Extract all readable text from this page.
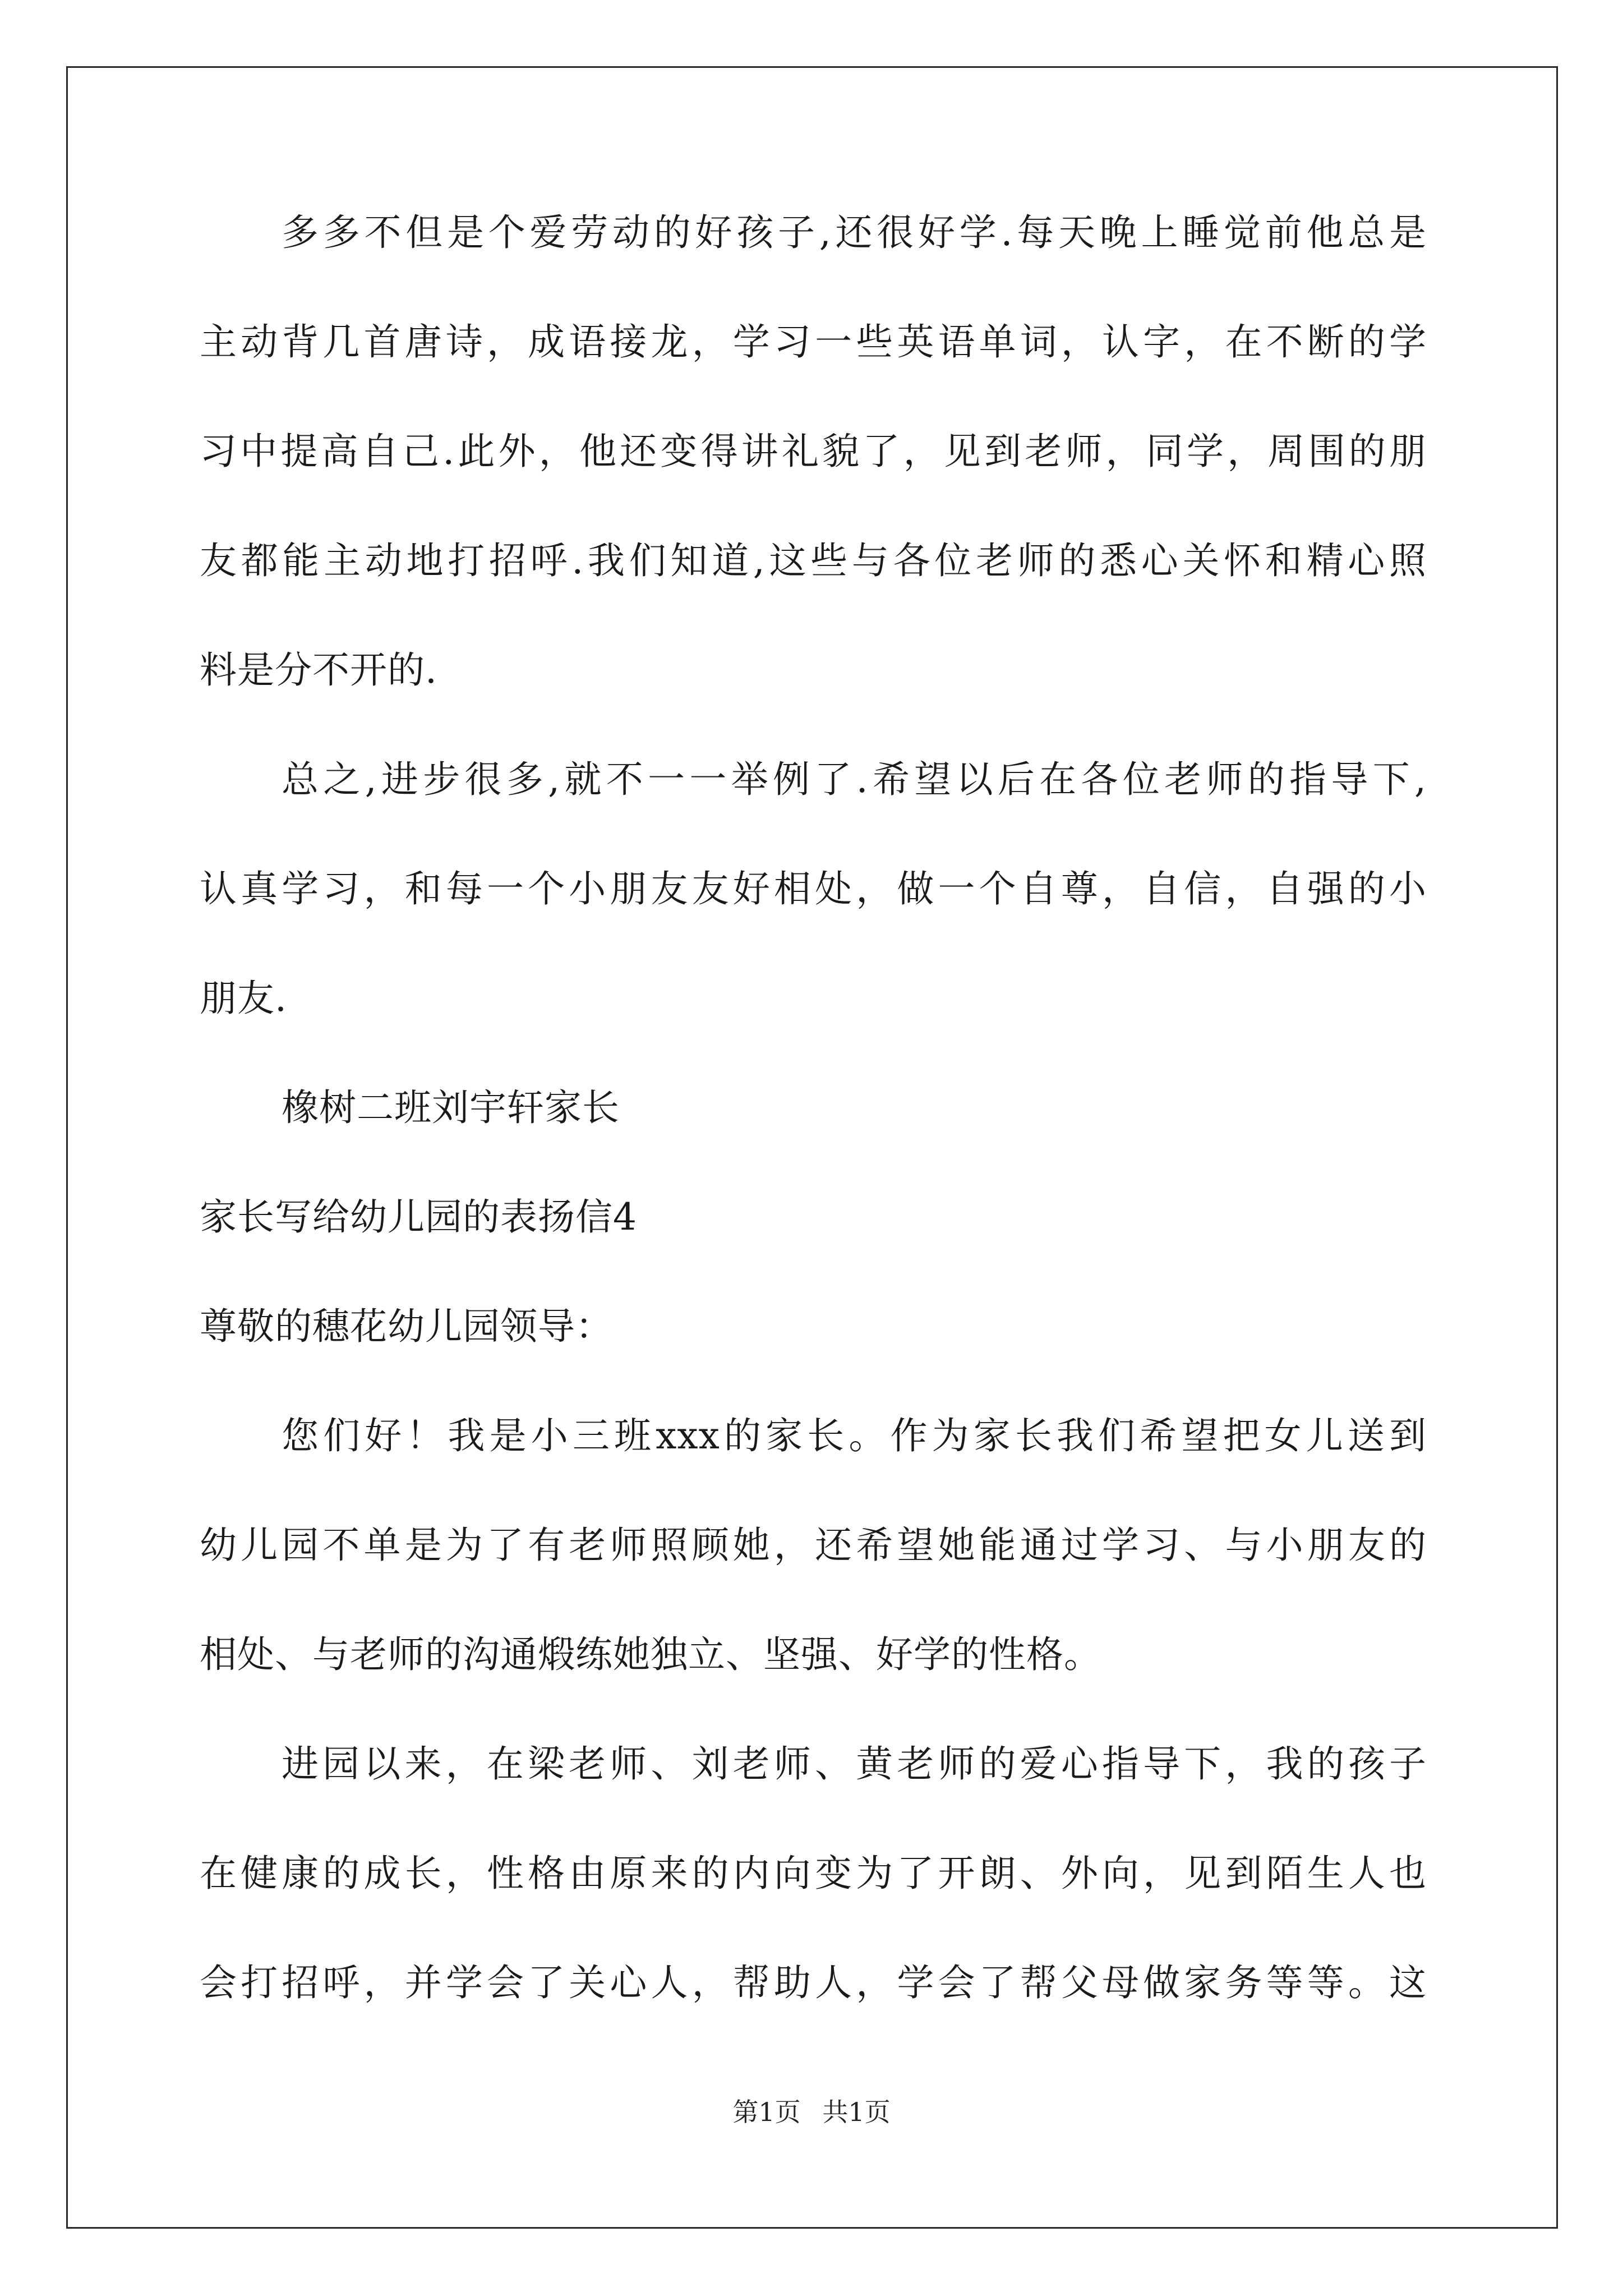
多多不但是个爱劳动的好孩子,还很好学.每天晚上睡觉前他总是
主动背几首唐诗，成语接龙，学习一些英语单词，认字，在不断的学
习中提高自己.此外，他还变得讲礼貌了，见到老师，同学，周围的朋
友都能主动地打招呼.我们知道,这些与各位老师的悉心关怀和精心照
料是分不开的.
总之,进步很多,就不一一举例了.希望以后在各位老师的指导下,
认真学习，和每一个小朋友友好相处，做一个自尊，自信，自强的小
朋友.
橡树二班刘宇轩家长
家长写给幼儿园的表扬信4
尊敬的穗花幼儿园领导：
您们好！我是小三班xxx的家长。作为家长我们希望把女儿送到
幼儿园不单是为了有老师照顾她，还希望她能通过学习、与小朋友的
相处、与老师的沟通煅练她独立、坚强、好学的性格。
进园以来，在梁老师、刘老师、黄老师的爱心指导下，我的孩子
在健康的成长，性格由原来的内向变为了开朗、外向，见到陌生人也
会打招呼，并学会了关心人，帮助人，学会了帮父母做家务等等。这
第1页 共1页
